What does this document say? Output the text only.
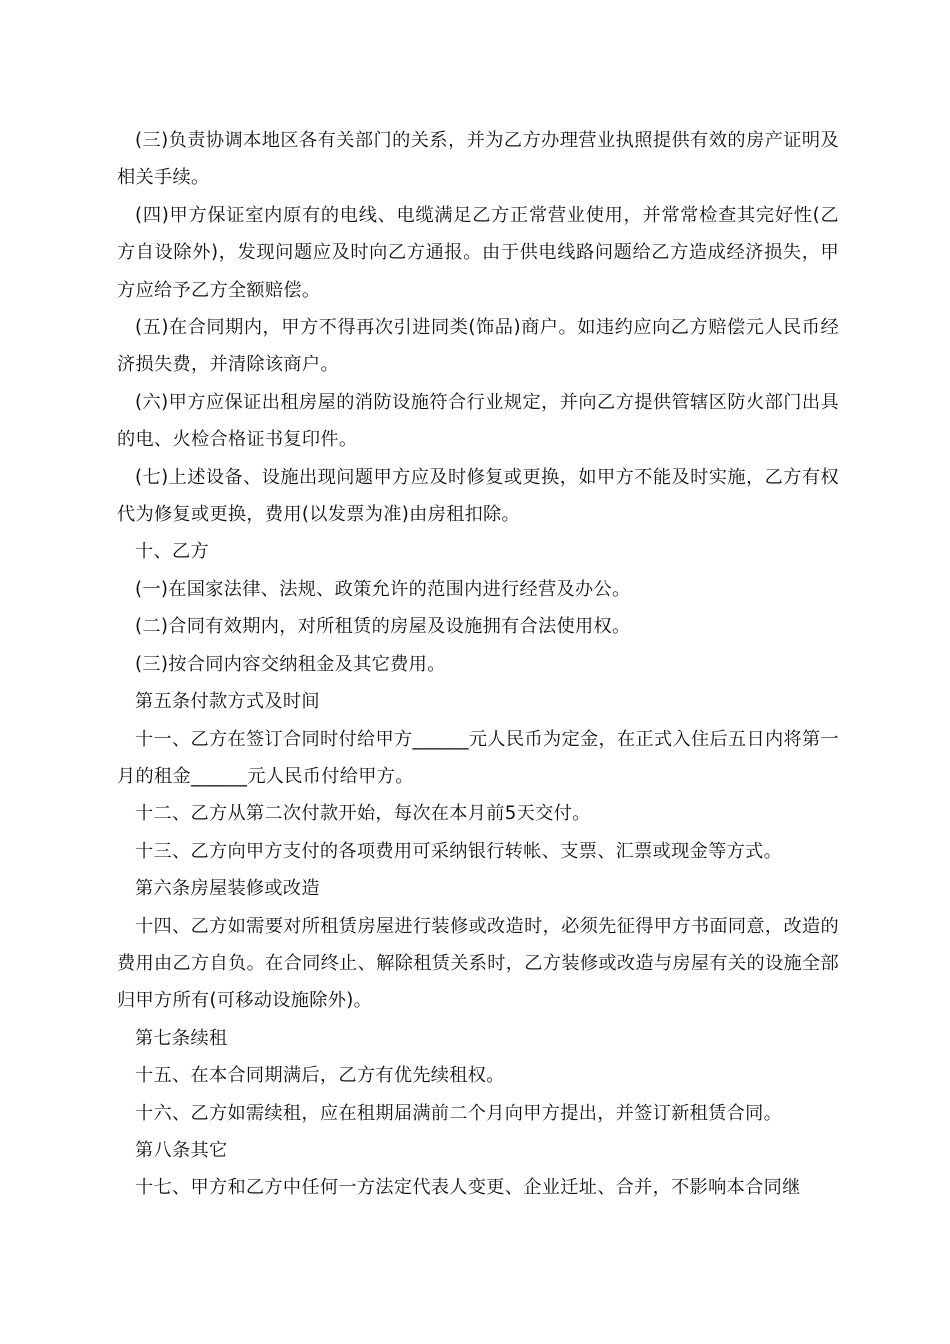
(三)负责协调本地区各有关部门的关系，并为乙方办理营业执照提供有效的房产证明及相关手续。

(四)甲方保证室内原有的电线、电缆满足乙方正常营业使用，并常常检查其完好性(乙方自设除外)，发现问题应及时向乙方通报。由于供电线路问题给乙方造成经济损失，甲方应给予乙方全额赔偿。

(五)在合同期内，甲方不得再次引进同类(饰品)商户。如违约应向乙方赔偿元人民币经济损失费，并清除该商户。

(六)甲方应保证出租房屋的消防设施符合行业规定，并向乙方提供管辖区防火部门出具的电、火检合格证书复印件。

(七)上述设备、设施出现问题甲方应及时修复或更换，如甲方不能及时实施，乙方有权代为修复或更换，费用(以发票为准)由房租扣除。

十、乙方

(一)在国家法律、法规、政策允许的范围内进行经营及办公。

(二)合同有效期内，对所租赁的房屋及设施拥有合法使用权。

(三)按合同内容交纳租金及其它费用。

第五条付款方式及时间

十一、乙方在签订合同时付给甲方______元人民币为定金，在正式入住后五日内将第一月的租金______元人民币付给甲方。

十二、乙方从第二次付款开始，每次在本月前5天交付。

十三、乙方向甲方支付的各项费用可采纳银行转帐、支票、汇票或现金等方式。

第六条房屋装修或改造

十四、乙方如需要对所租赁房屋进行装修或改造时，必须先征得甲方书面同意，改造的费用由乙方自负。在合同终止、解除租赁关系时，乙方装修或改造与房屋有关的设施全部归甲方所有(可移动设施除外)。

第七条续租

十五、在本合同期满后，乙方有优先续租权。

十六、乙方如需续租，应在租期届满前二个月向甲方提出，并签订新租赁合同。

第八条其它

十七、甲方和乙方中任何一方法定代表人变更、企业迁址、合并，不影响本合同继
